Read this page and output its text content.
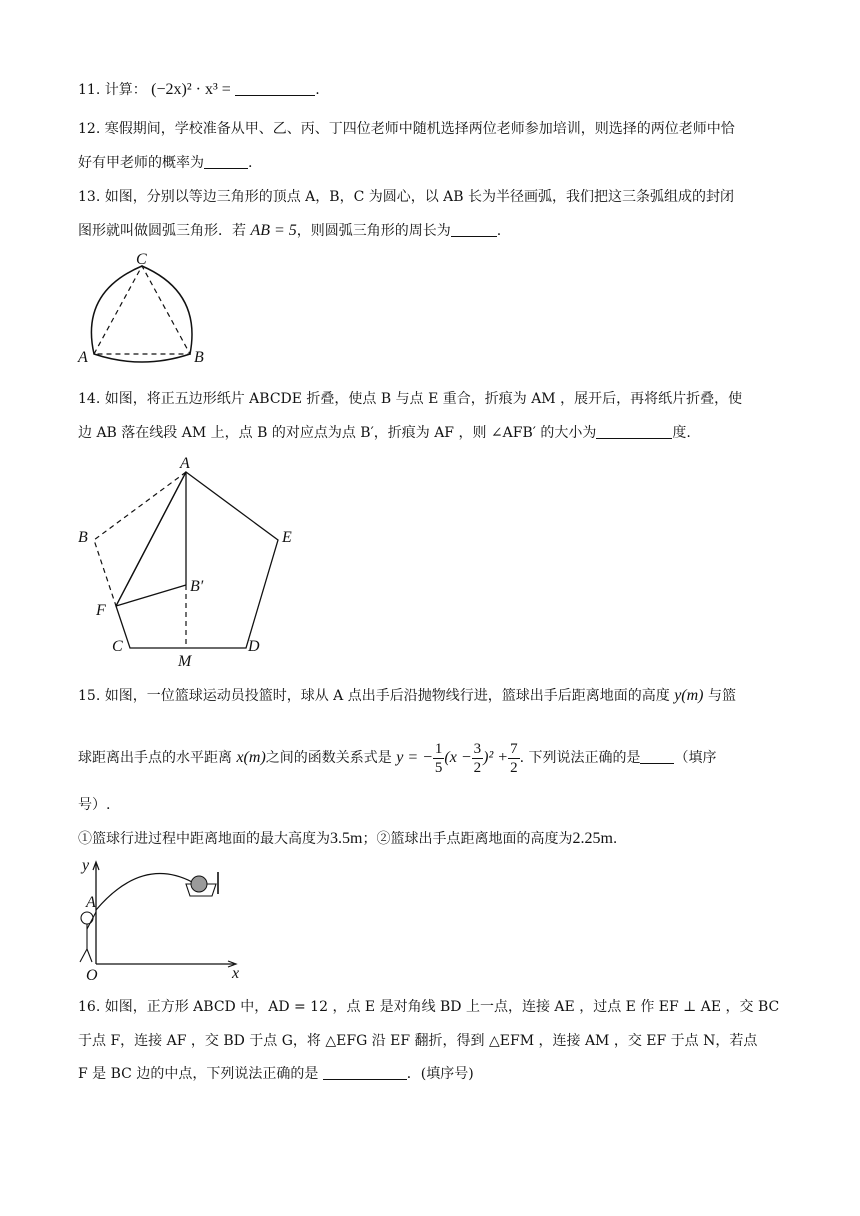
11. 计算： (−2x)² · x³ =	.
12. 寒假期间，学校准备从甲、乙、丙、丁四位老师中随机选择两位老师参加培训，则选择的两位老师中恰
好有甲老师的概率为	.
13. 如图，分别以等边三角形的顶点 A，B，C 为圆心，以 AB 长为半径画弧，我们把这三条弧组成的封闭
图形就叫做圆弧三角形．若 AB = 5，则圆弧三角形的周长为	.
C
A	B
14. 如图，将正五边形纸片 ABCDE 折叠，使点 B 与点 E 重合，折痕为 AM ，展开后，再将纸片折叠，使
边 AB 落在线段 AM 上，点 B 的对应点为点 B′，折痕为 AF ，则 ∠AFB′ 的大小为	度.
A
B	E
B′
F
C	D
M
15. 如图，一位篮球运动员投篮时，球从 A 点出手后沿抛物线行进，篮球出手后距离地面的高度 y(m) 与篮
球距离出手点的水平距离 x(m)之间的函数关系式是 y = − $\frac{1}{5} (x - \frac{3}{2} )^2 + \frac{7}{2}$ . 下列说法正确的是 （填序
号）.
①篮球行进过程中距离地面的最大高度为3.5m；②篮球出手点距离地面的高度为2.25m.
y
A
O	x
16. 如图，正方形 ABCD 中，AD = 12 ，点 E 是对角线 BD 上一点，连接 AE ，过点 E 作 EF ⊥ AE ，交 BC
于点 F，连接 AF ，交 BD 于点 G，将 △EFG 沿 EF 翻折，得到 △EFM ，连接 AM ，交 EF 于点 N，若点
F 是 BC 边的中点，下列说法正确的是	．(填序号)
